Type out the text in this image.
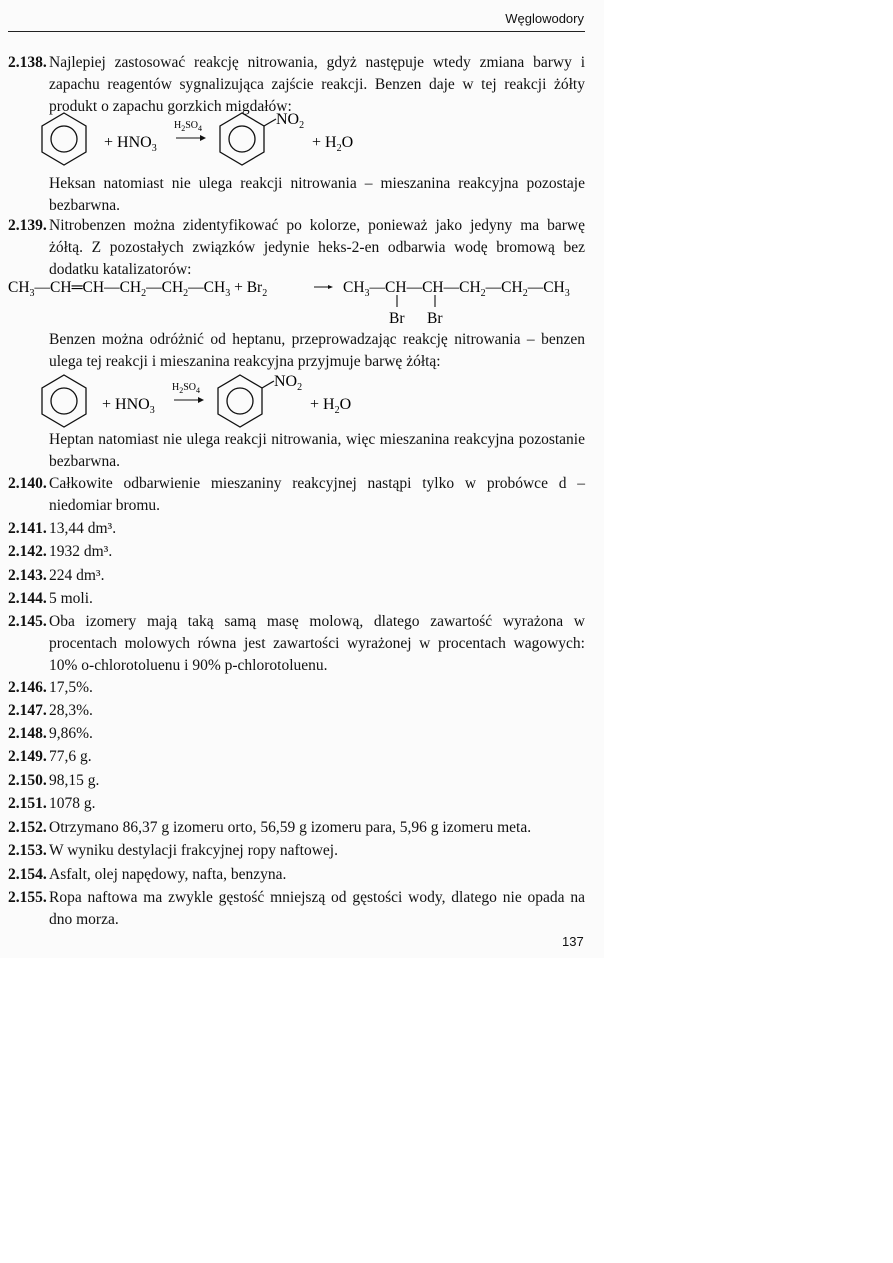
Węglowodory
2.138. Najlepiej zastosować reakcję nitrowania, gdyż następuje wtedy zmiana barwy i zapachu reagentów sygnalizująca zajście reakcji. Benzen daje w tej reakcji żółty produkt o zapachu gorzkich migdałów:
+ $HNO_3$
$H_2SO_4$
$NO_2$
+ $H_2O$
Heksan natomiast nie ulega reakcji nitrowania – mieszanina reakcyjna pozostaje bezbarwna.
2.139. Nitrobenzen można zidentyfikować po kolorze, ponieważ jako jedyny ma barwę żółtą. Z pozostałych związków jedynie heks-2-en odbarwia wodę bromową bez dodatku katalizatorów:
$CH_3—CH═CH—CH_2—CH_2—CH_3 + Br_2$	$CH_3—CH—CH—CH_2—CH_2—CH_3$
Br Br
Benzen można odróżnić od heptanu, przeprowadzając reakcję nitrowania – benzen ulega tej reakcji i mieszanina reakcyjna przyjmuje barwę żółtą:
+ $HNO_3$
$H_2SO_4$
$NO_2$
+ $H_2O$
Heptan natomiast nie ulega reakcji nitrowania, więc mieszanina reakcyjna pozostanie bezbarwna.
2.140. Całkowite odbarwienie mieszaniny reakcyjnej nastąpi tylko w probówce d – niedomiar bromu.
2.141. 13,44 dm³.
2.142. 1932 dm³.
2.143. 224 dm³.
2.144. 5 moli.
2.145. Oba izomery mają taką samą masę molową, dlatego zawartość wyrażona w procentach molowych równa jest zawartości wyrażonej w procentach wagowych: 10% o-chlorotoluenu i 90% p-chlorotoluenu.
2.146. 17,5%.
2.147. 28,3%.
2.148. 9,86%.
2.149. 77,6 g.
2.150. 98,15 g.
2.151. 1078 g.
2.152. Otrzymano 86,37 g izomeru orto, 56,59 g izomeru para, 5,96 g izomeru meta.
2.153. W wyniku destylacji frakcyjnej ropy naftowej.
2.154. Asfalt, olej napędowy, nafta, benzyna.
2.155. Ropa naftowa ma zwykle gęstość mniejszą od gęstości wody, dlatego nie opada na dno morza.
137
